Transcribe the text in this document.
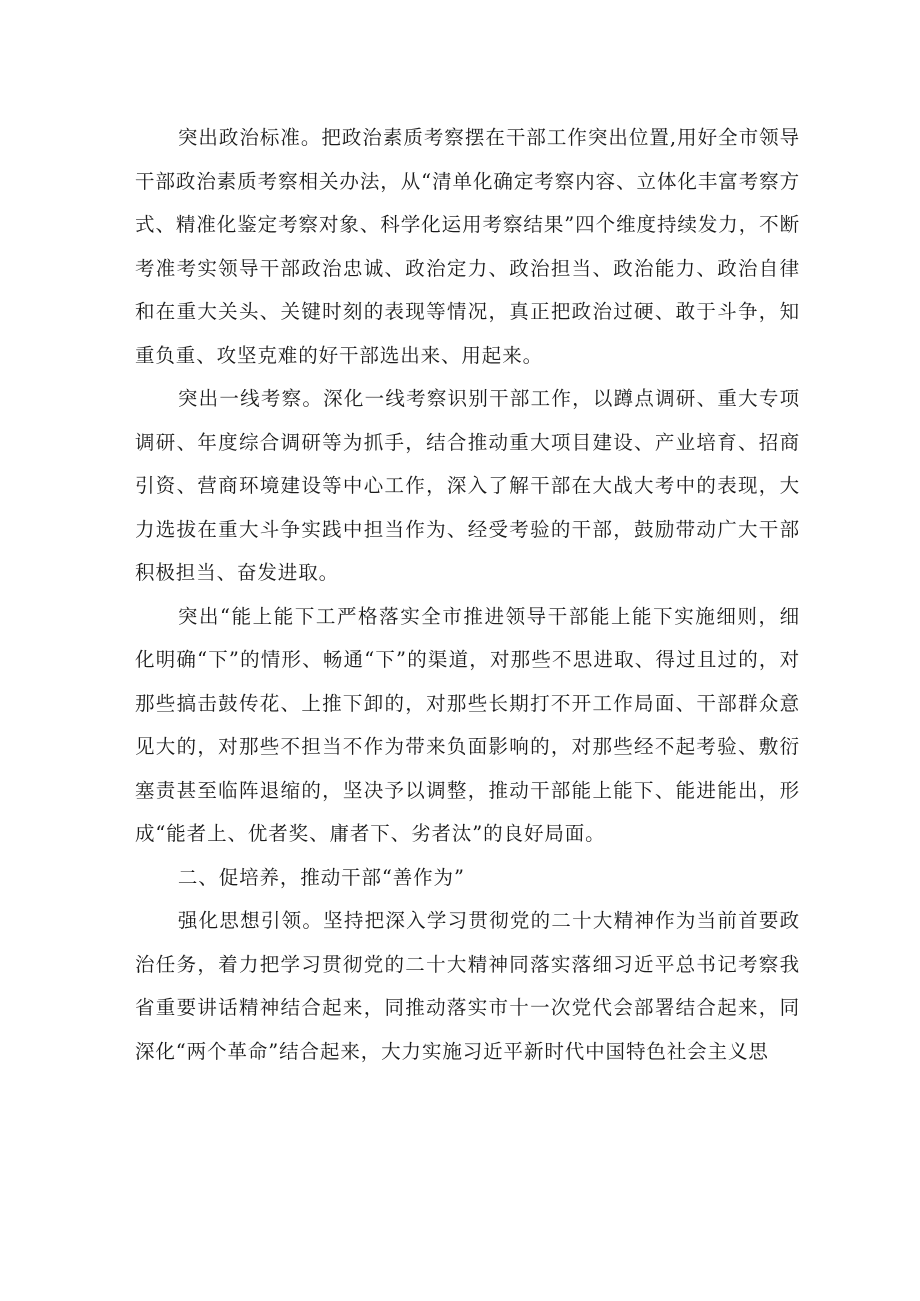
突出政治标准。把政治素质考察摆在干部工作突出位置,用好全市领导干部政治素质考察相关办法，从“清单化确定考察内容、立体化丰富考察方式、精准化鉴定考察对象、科学化运用考察结果”四个维度持续发力，不断考准考实领导干部政治忠诚、政治定力、政治担当、政治能力、政治自律和在重大关头、关键时刻的表现等情况，真正把政治过硬、敢于斗争，知重负重、攻坚克难的好干部选出来、用起来。

突出一线考察。深化一线考察识别干部工作，以蹲点调研、重大专项调研、年度综合调研等为抓手，结合推动重大项目建设、产业培育、招商引资、营商环境建设等中心工作，深入了解干部在大战大考中的表现，大力选拔在重大斗争实践中担当作为、经受考验的干部，鼓励带动广大干部积极担当、奋发进取。

突出“能上能下工严格落实全市推进领导干部能上能下实施细则，细化明确“下”的情形、畅通“下”的渠道，对那些不思进取、得过且过的，对那些搞击鼓传花、上推下卸的，对那些长期打不开工作局面、干部群众意见大的，对那些不担当不作为带来负面影响的，对那些经不起考验、敷衍塞责甚至临阵退缩的，坚决予以调整，推动干部能上能下、能进能出，形成“能者上、优者奖、庸者下、劣者汰”的良好局面。

二、促培养，推动干部“善作为”

强化思想引领。坚持把深入学习贯彻党的二十大精神作为当前首要政治任务，着力把学习贯彻党的二十大精神同落实落细习近平总书记考察我省重要讲话精神结合起来，同推动落实市十一次党代会部署结合起来，同深化“两个革命”结合起来，大力实施习近平新时代中国特色社会主义思
